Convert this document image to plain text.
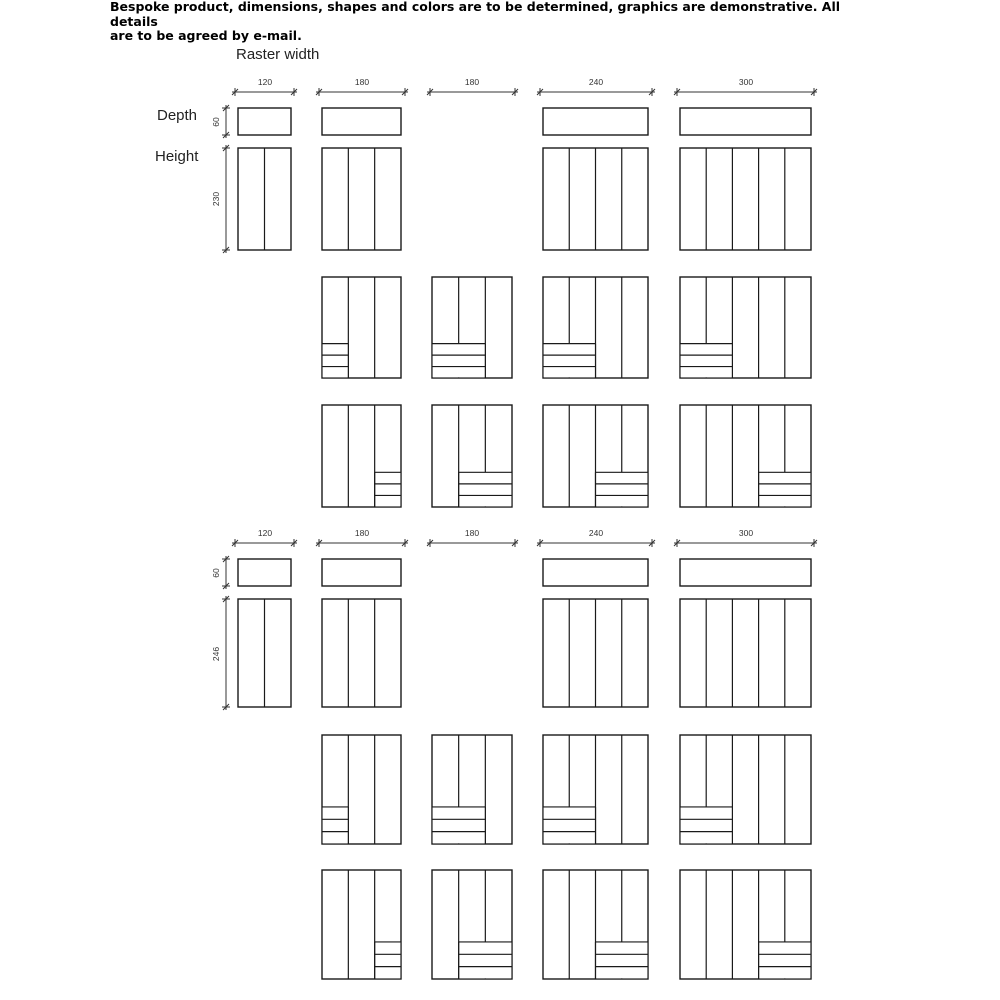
Bespoke product, dimensions, shapes and colors are to be determined, graphics are demonstrative. All details
are to be agreed by e-mail.
Raster width
Depth
Height
120	180	180	240	300
60
230
120	180	180	240	300
60
246
